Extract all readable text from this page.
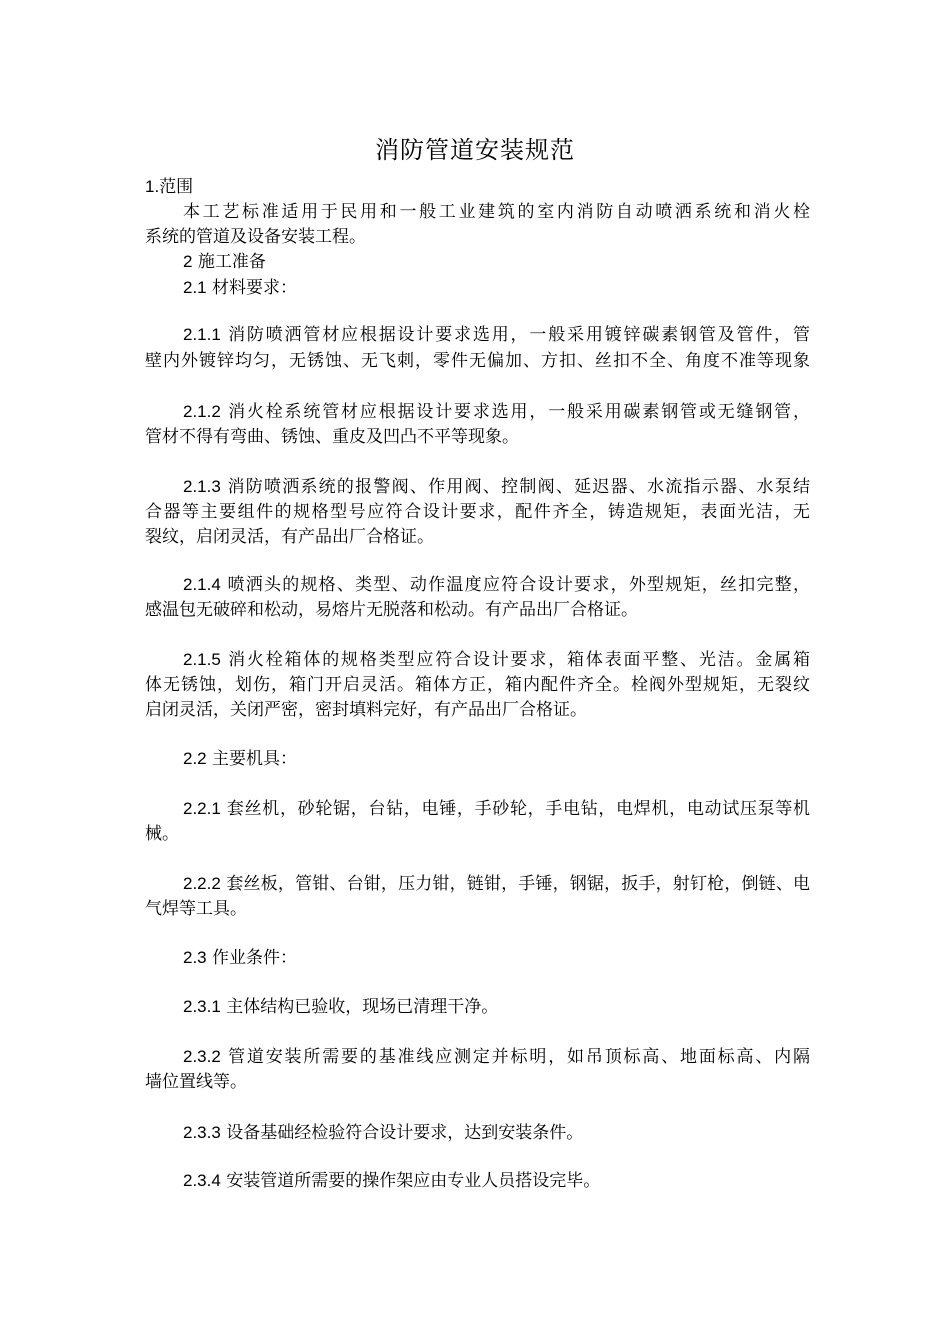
消防管道安装规范
1.范围
本工艺标准适用于民用和一般工业建筑的室内消防自动喷洒系统和消火栓
系统的管道及设备安装工程。
2 施工准备
2.1 材料要求：
2.1.1 消防喷洒管材应根据设计要求选用，一般采用镀锌碳素钢管及管件，管
壁内外镀锌均匀，无锈蚀、无飞刺，零件无偏加、方扣、丝扣不全、角度不准等现象
2.1.2 消火栓系统管材应根据设计要求选用，一般采用碳素钢管或无缝钢管，
管材不得有弯曲、锈蚀、重皮及凹凸不平等现象。
2.1.3 消防喷洒系统的报警阀、作用阀、控制阀、延迟器、水流指示器、水泵结
合器等主要组件的规格型号应符合设计要求，配件齐全，铸造规矩，表面光洁，无
裂纹，启闭灵活，有产品出厂合格证。
2.1.4 喷洒头的规格、类型、动作温度应符合设计要求，外型规矩，丝扣完整，
感温包无破碎和松动，易熔片无脱落和松动。有产品出厂合格证。
2.1.5 消火栓箱体的规格类型应符合设计要求，箱体表面平整、光洁。金属箱
体无锈蚀，划伤，箱门开启灵活。箱体方正，箱内配件齐全。栓阀外型规矩，无裂纹
启闭灵活，关闭严密，密封填料完好，有产品出厂合格证。
2.2 主要机具：
2.2.1 套丝机，砂轮锯，台钻，电锤，手砂轮，手电钻，电焊机，电动试压泵等机
械。
2.2.2 套丝板，管钳、台钳，压力钳，链钳，手锤，钢锯，扳手，射钉枪，倒链、电
气焊等工具。
2.3 作业条件：
2.3.1 主体结构已验收，现场已清理干净。
2.3.2 管道安装所需要的基准线应测定并标明，如吊顶标高、地面标高、内隔
墙位置线等。
2.3.3 设备基础经检验符合设计要求，达到安装条件。
2.3.4 安装管道所需要的操作架应由专业人员搭设完毕。
